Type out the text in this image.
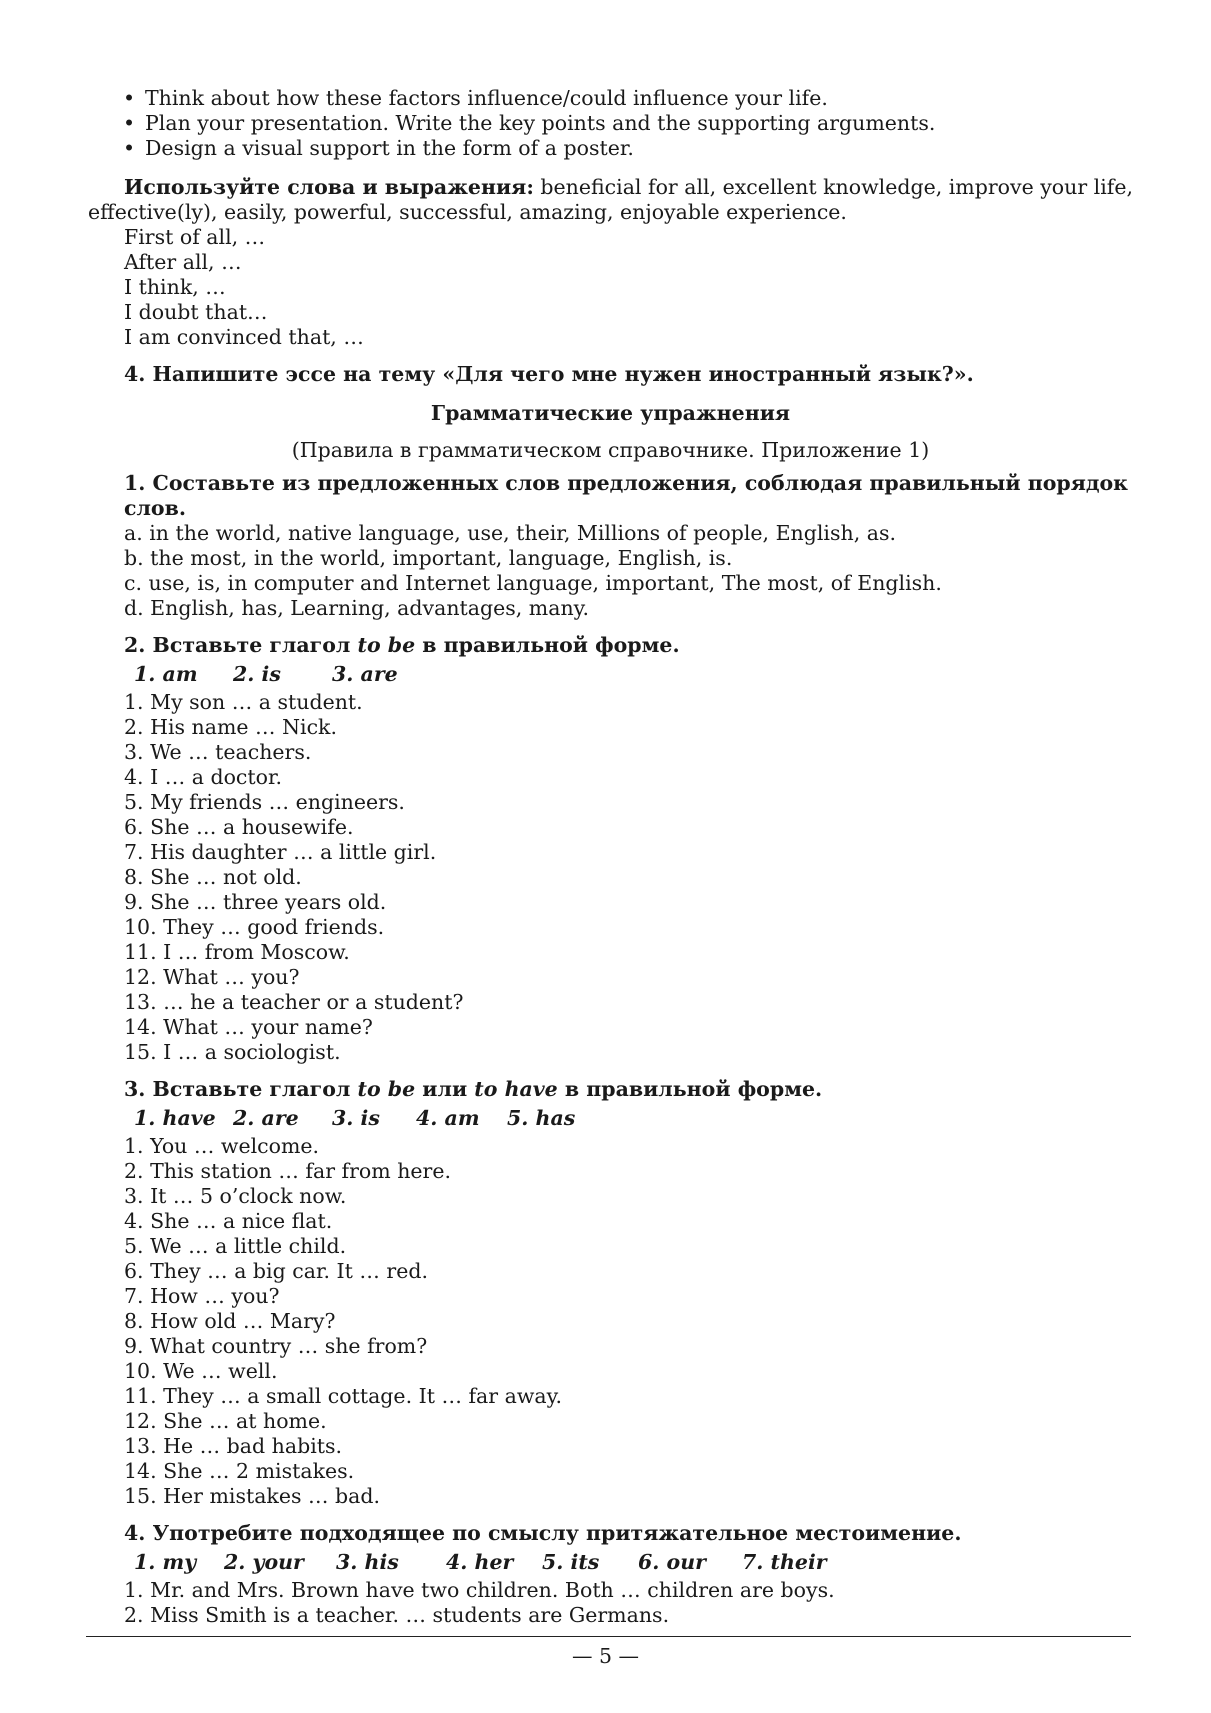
• Think about how these factors influence/could influence your life.
• Plan your presentation. Write the key points and the supporting arguments.
• Design a visual support in the form of a poster.
Используйте слова и выражения: beneficial for all, excellent knowledge, improve your life, effective(ly), easily, powerful, successful, amazing, enjoyable experience.
First of all, …
After all, …
I think, …
I doubt that…
I am convinced that, …
4. Напишите эссе на тему «Для чего мне нужен иностранный язык?».
Грамматические упражнения
(Правила в грамматическом справочнике. Приложение 1)
1. Составьте из предложенных слов предложения, соблюдая правильный порядок слов.
a. in the world, native language, use, their, Millions of people, English, as.
b. the most, in the world, important, language, English, is.
c. use, is, in computer and Internet language, important, The most, of English.
d. English, has, Learning, advantages, many.
2. Вставьте глагол to be в правильной форме.
1. am	2. is	3. are
1. My son … a student.
2. His name … Nick.
3. We … teachers.
4. I … a doctor.
5. My friends … engineers.
6. She … a housewife.
7. His daughter … a little girl.
8. She … not old.
9. She … three years old.
10. They … good friends.
11. I … from Moscow.
12. What … you?
13. … he a teacher or a student?
14. What … your name?
15. I … a sociologist.
3. Вставьте глагол to be или to have в правильной форме.
1. have 2. are	3. is	4. am	5. has
1. You … welcome.
2. This station … far from here.
3. It … 5 o’clock now.
4. She … a nice flat.
5. We … a little child.
6. They … a big car. It … red.
7. How … you?
8. How old … Mary?
9. What country … she from?
10. We … well.
11. They … a small cottage. It … far away.
12. She … at home.
13. He … bad habits.
14. She … 2 mistakes.
15. Her mistakes … bad.
4. Употребите подходящее по смыслу притяжательное местоимение.
1. my	2. your	3. his	4. her	5. its	6. our	7. their
1. Mr. and Mrs. Brown have two children. Both … children are boys.
2. Miss Smith is a teacher. … students are Germans.
— 5 —
